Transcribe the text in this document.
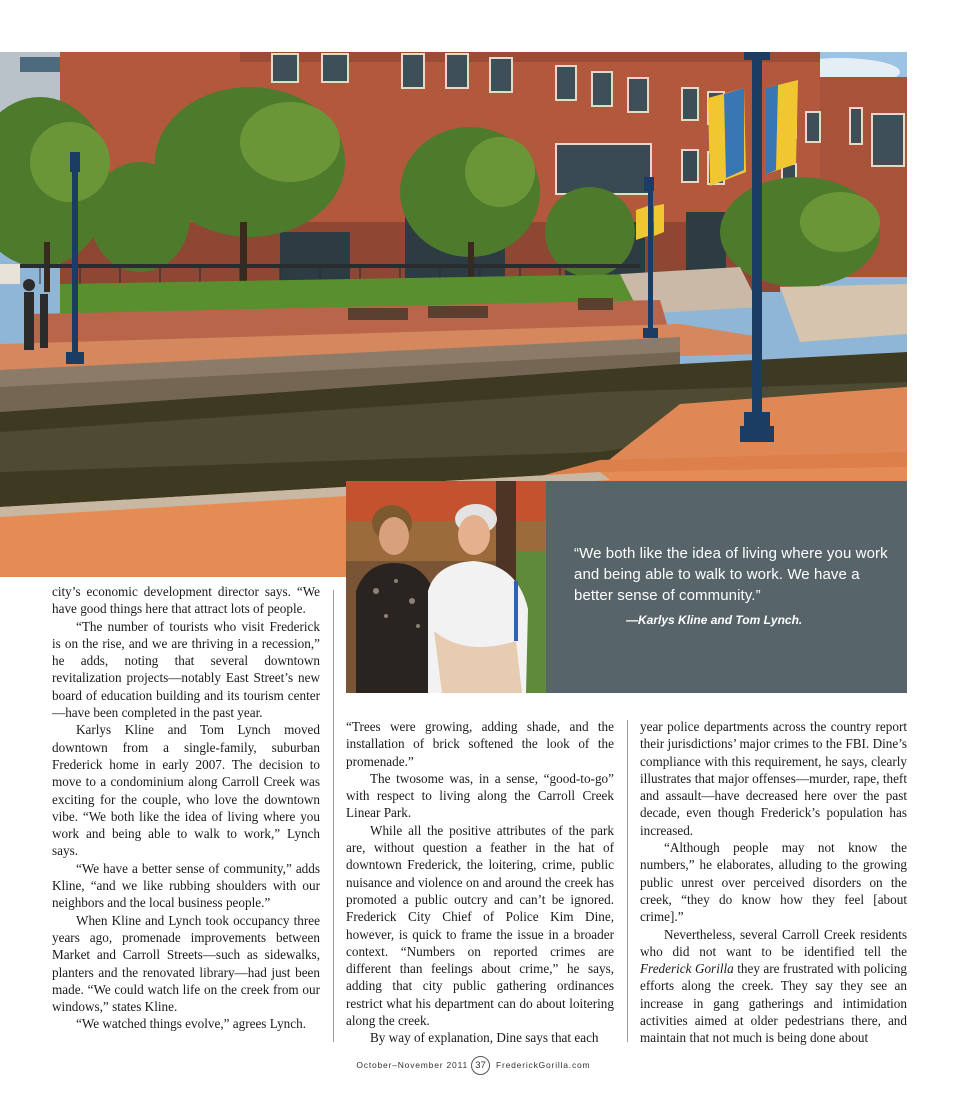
“We both like the idea of living where you work
and being able to walk to work. We have a
better sense of community.”
—Karlys Kline and Tom Lynch.

city’s economic development director says. “We have good things here that attract lots of people.

“The number of tourists who visit Frederick is on the rise, and we are thriving in a recession,” he adds, noting that several downtown revitalization projects—notably East Street’s new board of education building and its tourism center—have been completed in the past year.

Karlys Kline and Tom Lynch moved downtown from a single-family, suburban Frederick home in early 2007. The decision to move to a condominium along Carroll Creek was exciting for the couple, who love the downtown vibe. “We both like the idea of living where you work and being able to walk to work,” Lynch says.

“We have a better sense of community,” adds Kline, “and we like rubbing shoulders with our neighbors and the local business people.”

When Kline and Lynch took occupancy three years ago, promenade improvements between Market and Carroll Streets—such as sidewalks, planters and the renovated library—had just been made. “We could watch life on the creek from our windows,” states Kline.

“We watched things evolve,” agrees Lynch.

“Trees were growing, adding shade, and the installation of brick softened the look of the promenade.”

The twosome was, in a sense, “good-to-go” with respect to living along the Carroll Creek Linear Park.

While all the positive attributes of the park are, without question a feather in the hat of downtown Frederick, the loitering, crime, public nuisance and violence on and around the creek has promoted a public outcry and can’t be ignored. Frederick City Chief of Police Kim Dine, however, is quick to frame the issue in a broader context. “Numbers on reported crimes are different than feelings about crime,” he says, adding that city public gathering ordinances restrict what his department can do about loitering along the creek.

By way of explanation, Dine says that each

year police departments across the country report their jurisdictions’ major crimes to the FBI. Dine’s compliance with this requirement, he says, clearly illustrates that major offenses—murder, rape, theft and assault—have decreased here over the past decade, even though Frederick’s population has increased.

“Although people may not know the numbers,” he elaborates, alluding to the growing public unrest over perceived disorders on the creek, “they do know how they feel [about crime].”

Nevertheless, several Carroll Creek residents who did not want to be identified tell the Frederick Gorilla they are frustrated with policing efforts along the creek. They say they see an increase in gang gatherings and intimidation activities aimed at older pedestrians there, and maintain that not much is being done about

October–November 2011 37	FrederickGorilla.com
